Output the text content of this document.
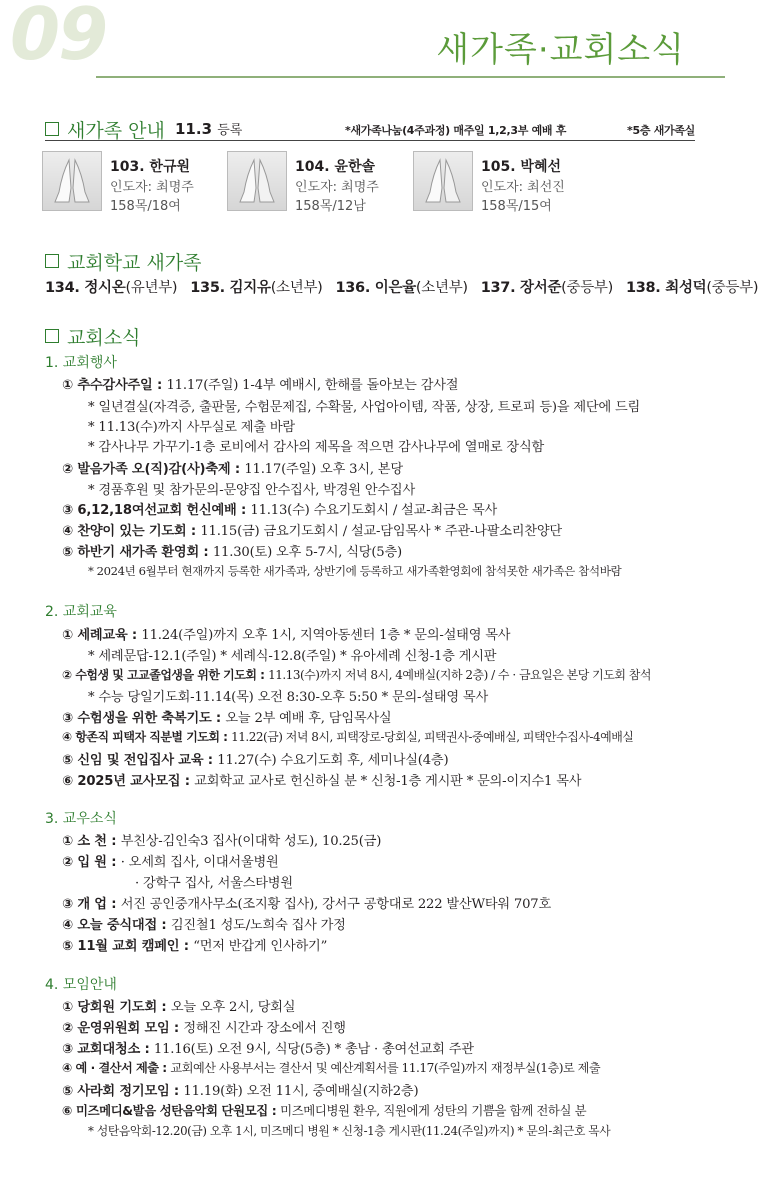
09	새가족·교회소식
새가족 안내 11.3 등록	*새가족나눔(4주과정) 매주일 1,2,3부 예배 후	*5층 새가족실
103. 한규원
인도자: 최명주
158목/18여
104. 윤한솔
인도자: 최명주
158목/12남
105. 박혜선
인도자: 최선진
158목/15여
교회학교 새가족
134. 정시온(유년부) 135. 김지유(소년부) 136. 이은율(소년부) 137. 장서준(중등부) 138. 최성덕(중등부)
교회소식
1. 교회행사
① 추수감사주일 : 11.17(주일) 1-4부 예배시, 한해를 돌아보는 감사절
* 일년결실(자격증, 출판물, 수험문제집, 수확물, 사업아이템, 작품, 상장, 트로피 등)을 제단에 드림
* 11.13(수)까지 사무실로 제출 바람
* 감사나무 가꾸기-1층 로비에서 감사의 제목을 적으면 감사나무에 열매로 장식함
② 발음가족 오(직)감(사)축제 : 11.17(주일) 오후 3시, 본당
* 경품후원 및 참가문의-문양집 안수집사, 박경원 안수집사
③ 6,12,18여선교회 헌신예배 : 11.13(수) 수요기도회시 / 설교-최금은 목사
④ 찬양이 있는 기도회 : 11.15(금) 금요기도회시 / 설교-담임목사 * 주관-나팔소리찬양단
⑤ 하반기 새가족 환영회 : 11.30(토) 오후 5-7시, 식당(5층)
* 2024년 6월부터 현재까지 등록한 새가족과, 상반기에 등록하고 새가족환영회에 참석못한 새가족은 참석바람
2. 교회교육
① 세례교육 : 11.24(주일)까지 오후 1시, 지역아동센터 1층 * 문의-설태영 목사
* 세례문답-12.1(주일) * 세례식-12.8(주일) * 유아세례 신청-1층 게시판
② 수험생 및 고교졸업생을 위한 기도회 : 11.13(수)까지 저녁 8시, 4예배실(지하 2층) / 수 · 금요일은 본당 기도회 참석
* 수능 당일기도회-11.14(목) 오전 8:30-오후 5:50 * 문의-설태영 목사
③ 수험생을 위한 축복기도 : 오늘 2부 예배 후, 담임목사실
④ 항존직 피택자 직분별 기도회 : 11.22(금) 저녁 8시, 피택장로-당회실, 피택권사-중예배실, 피택안수집사-4예배실
⑤ 신임 및 전입집사 교육 : 11.27(수) 수요기도회 후, 세미나실(4층)
⑥ 2025년 교사모집 : 교회학교 교사로 헌신하실 분 * 신청-1층 게시판 * 문의-이지수1 목사
3. 교우소식
① 소 천 : 부친상-김인숙3 집사(이대학 성도), 10.25(금)
② 입 원 : · 오세희 집사, 이대서울병원
· 강학구 집사, 서울스타병원
③ 개 업 : 서진 공인중개사무소(조지황 집사), 강서구 공항대로 222 발산W타워 707호
④ 오늘 중식대접 : 김진철1 성도/노희숙 집사 가정
⑤ 11월 교회 캠페인 : “먼저 반갑게 인사하기”
4. 모임안내
① 당회원 기도회 : 오늘 오후 2시, 당회실
② 운영위원회 모임 : 정해진 시간과 장소에서 진행
③ 교회대청소 : 11.16(토) 오전 9시, 식당(5층) * 총남 · 총여선교회 주관
④ 예 · 결산서 제출 : 교회예산 사용부서는 결산서 및 예산계획서를 11.17(주일)까지 재정부실(1층)로 제출
⑤ 사라회 정기모임 : 11.19(화) 오전 11시, 중예배실(지하2층)
⑥ 미즈메디&발음 성탄음악회 단원모집 : 미즈메디병원 환우, 직원에게 성탄의 기쁨을 함께 전하실 분
* 성탄음악회-12.20(금) 오후 1시, 미즈메디 병원 * 신청-1층 게시판(11.24(주일)까지) * 문의-최근호 목사
